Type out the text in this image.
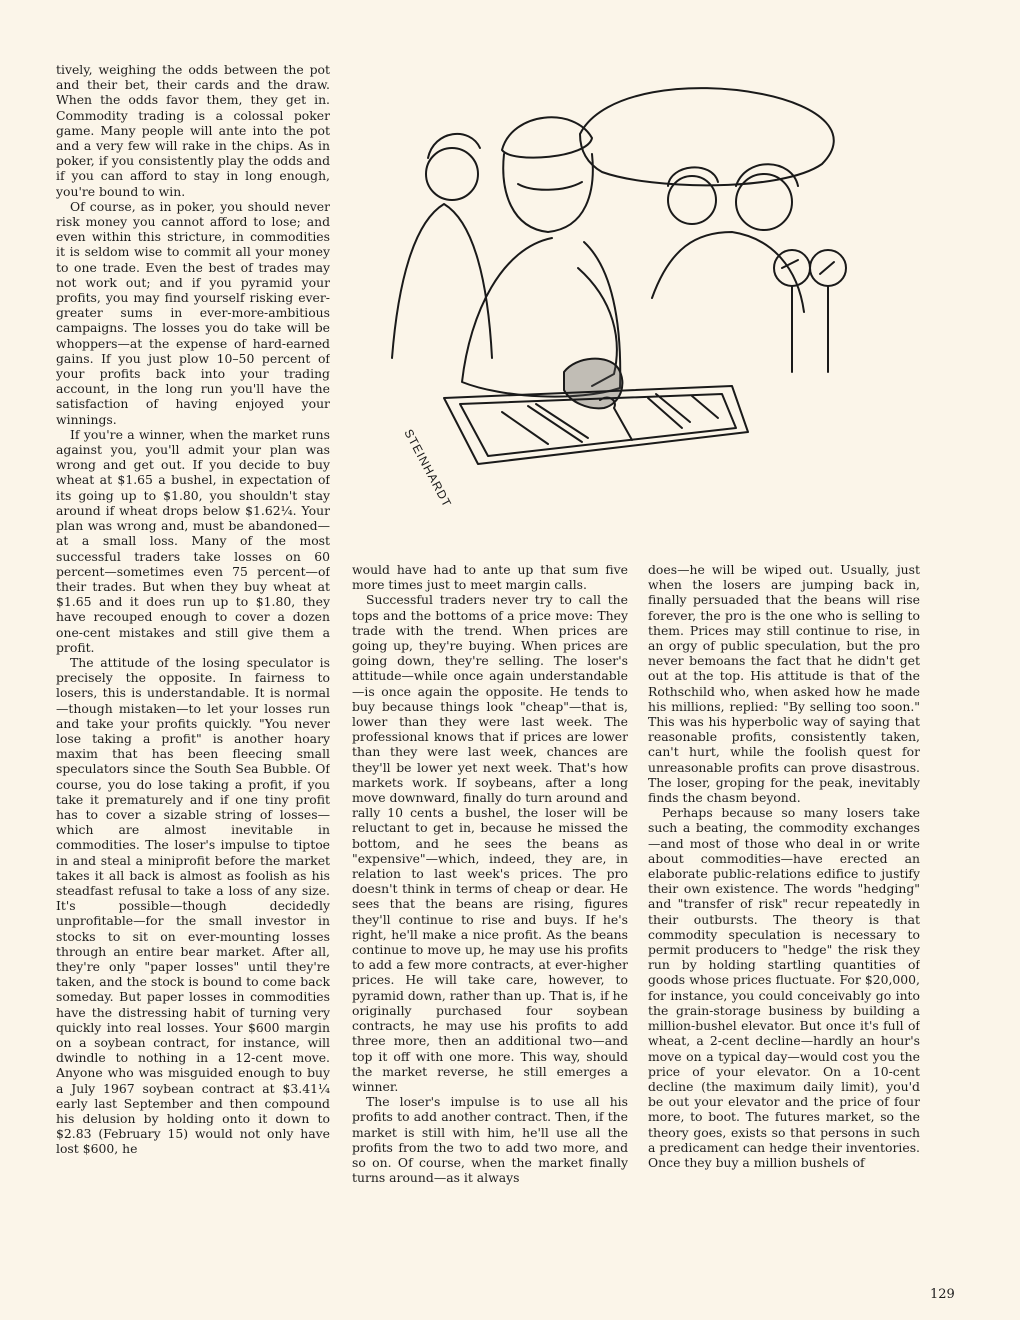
tively, weighing the odds between the pot and their bet, their cards and the draw. When the odds favor them, they get in. Commodity trading is a colossal poker game. Many people will ante into the pot and a very few will rake in the chips. As in poker, if you consistently play the odds and if you can afford to stay in long enough, you're bound to win.

Of course, as in poker, you should never risk money you cannot afford to lose; and even within this stricture, in commodities it is seldom wise to commit all your money to one trade. Even the best of trades may not work out; and if you pyramid your profits, you may find yourself risking ever-greater sums in ever-more-ambitious campaigns. The losses you do take will be whoppers—at the expense of hard-earned gains. If you just plow 10–50 percent of your profits back into your trading account, in the long run you'll have the satisfaction of having enjoyed your winnings.

If you're a winner, when the market runs against you, you'll admit your plan was wrong and get out. If you decide to buy wheat at $1.65 a bushel, in expectation of its going up to $1.80, you shouldn't stay around if wheat drops below $1.62¼. Your plan was wrong and, must be abandoned—at a small loss. Many of the most successful traders take losses on 60 percent—sometimes even 75 percent—of their trades. But when they buy wheat at $1.65 and it does run up to $1.80, they have recouped enough to cover a dozen one-cent mistakes and still give them a profit.

The attitude of the losing speculator is precisely the opposite. In fairness to losers, this is understandable. It is normal—though mistaken—to let your losses run and take your profits quickly. "You never lose taking a profit" is another hoary maxim that has been fleecing small speculators since the South Sea Bubble. Of course, you do lose taking a profit, if you take it prematurely and if one tiny profit has to cover a sizable string of losses—which are almost inevitable in commodities. The loser's impulse to tiptoe in and steal a miniprofit before the market takes it all back is almost as foolish as his steadfast refusal to take a loss of any size. It's possible—though decidedly unprofitable—for the small investor in stocks to sit on ever-mounting losses through an entire bear market. After all, they're only "paper losses" until they're taken, and the stock is bound to come back someday. But paper losses in commodities have the distressing habit of turning very quickly into real losses. Your $600 margin on a soybean contract, for instance, will dwindle to nothing in a 12-cent move. Anyone who was misguided enough to buy a July 1967 soybean contract at $3.41¼ early last September and then compound his delusion by holding onto it down to $2.83 (February 15) would not only have lost $600, he

STEINHARDT

would have had to ante up that sum five more times just to meet margin calls.

Successful traders never try to call the tops and the bottoms of a price move: They trade with the trend. When prices are going up, they're buying. When prices are going down, they're selling. The loser's attitude—while once again understandable—is once again the opposite. He tends to buy because things look "cheap"—that is, lower than they were last week. The professional knows that if prices are lower than they were last week, chances are they'll be lower yet next week. That's how markets work. If soybeans, after a long move downward, finally do turn around and rally 10 cents a bushel, the loser will be reluctant to get in, because he missed the bottom, and he sees the beans as "expensive"—which, indeed, they are, in relation to last week's prices. The pro doesn't think in terms of cheap or dear. He sees that the beans are rising, figures they'll continue to rise and buys. If he's right, he'll make a nice profit. As the beans continue to move up, he may use his profits to add a few more contracts, at ever-higher prices. He will take care, however, to pyramid down, rather than up. That is, if he originally purchased four soybean contracts, he may use his profits to add three more, then an additional two—and top it off with one more. This way, should the market reverse, he still emerges a winner.

The loser's impulse is to use all his profits to add another contract. Then, if the market is still with him, he'll use all the profits from the two to add two more, and so on. Of course, when the market finally turns around—as it always

does—he will be wiped out. Usually, just when the losers are jumping back in, finally persuaded that the beans will rise forever, the pro is the one who is selling to them. Prices may still continue to rise, in an orgy of public speculation, but the pro never bemoans the fact that he didn't get out at the top. His attitude is that of the Rothschild who, when asked how he made his millions, replied: "By selling too soon." This was his hyperbolic way of saying that reasonable profits, consistently taken, can't hurt, while the foolish quest for unreasonable profits can prove disastrous. The loser, groping for the peak, inevitably finds the chasm beyond.

Perhaps because so many losers take such a beating, the commodity exchanges—and most of those who deal in or write about commodities—have erected an elaborate public-relations edifice to justify their own existence. The words "hedging" and "transfer of risk" recur repeatedly in their outbursts. The theory is that commodity speculation is necessary to permit producers to "hedge" the risk they run by holding startling quantities of goods whose prices fluctuate. For $20,000, for instance, you could conceivably go into the grain-storage business by building a million-bushel elevator. But once it's full of wheat, a 2-cent decline—hardly an hour's move on a typical day—would cost you the price of your elevator. On a 10-cent decline (the maximum daily limit), you'd be out your elevator and the price of four more, to boot. The futures market, so the theory goes, exists so that persons in such a predicament can hedge their inventories. Once they buy a million bushels of

129
